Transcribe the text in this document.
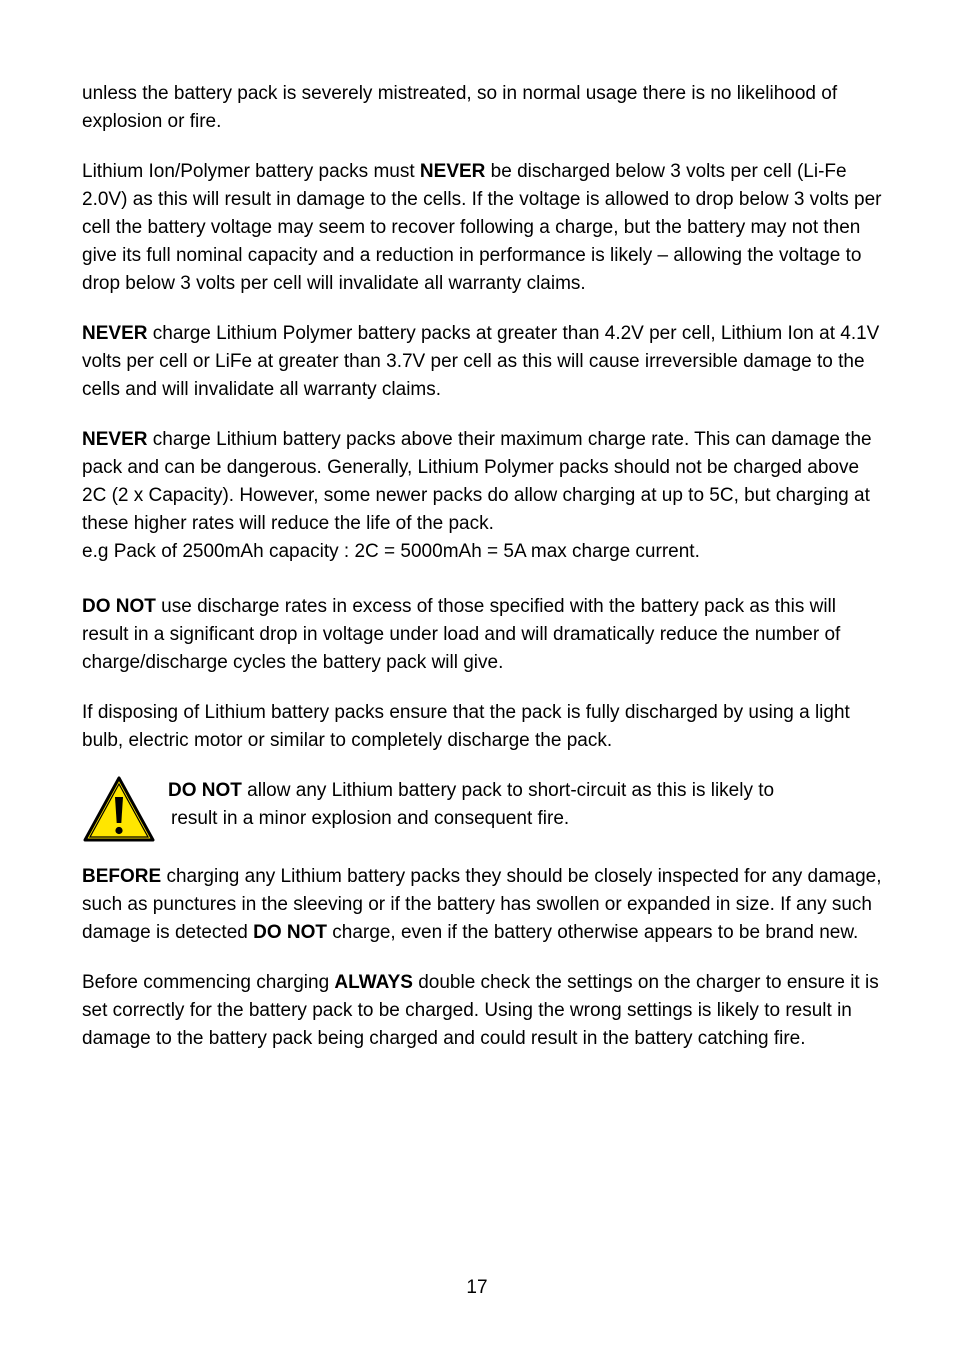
unless the battery pack is severely mistreated, so in normal usage there is no likelihood of explosion or fire.

Lithium Ion/Polymer battery packs must NEVER be discharged below 3 volts per cell (Li-Fe 2.0V) as this will result in damage to the cells. If the voltage is allowed to drop below 3 volts per cell the battery voltage may seem to recover following a charge, but the battery may not then give its full nominal capacity and a reduction in performance is likely – allowing the voltage to drop below 3 volts per cell will invalidate all warranty claims.

NEVER charge Lithium Polymer battery packs at greater than 4.2V per cell, Lithium Ion at 4.1V volts per cell or LiFe at greater than 3.7V per cell as this will cause irreversible damage to the cells and will invalidate all warranty claims.

NEVER charge Lithium battery packs above their maximum charge rate. This can damage the pack and can be dangerous. Generally, Lithium Polymer packs should not be charged above 2C (2 x Capacity). However, some newer packs do allow charging at up to 5C, but charging at these higher rates will reduce the life of the pack.
e.g Pack of 2500mAh capacity : 2C = 5000mAh = 5A max charge current.

DO NOT use discharge rates in excess of those specified with the battery pack as this will result in a significant drop in voltage under load and will dramatically reduce the number of charge/discharge cycles the battery pack will give.

If disposing of Lithium battery packs ensure that the pack is fully discharged by using a light bulb, electric motor or similar to completely discharge the pack.

DO NOT allow any Lithium battery pack to short-circuit as this is likely to
result in a minor explosion and consequent fire.

BEFORE charging any Lithium battery packs they should be closely inspected for any damage, such as punctures in the sleeving or if the battery has swollen or expanded in size. If any such damage is detected DO NOT charge, even if the battery otherwise appears to be brand new.

Before commencing charging ALWAYS double check the settings on the charger to ensure it is set correctly for the battery pack to be charged. Using the wrong settings is likely to result in damage to the battery pack being charged and could result in the battery catching fire.

17
